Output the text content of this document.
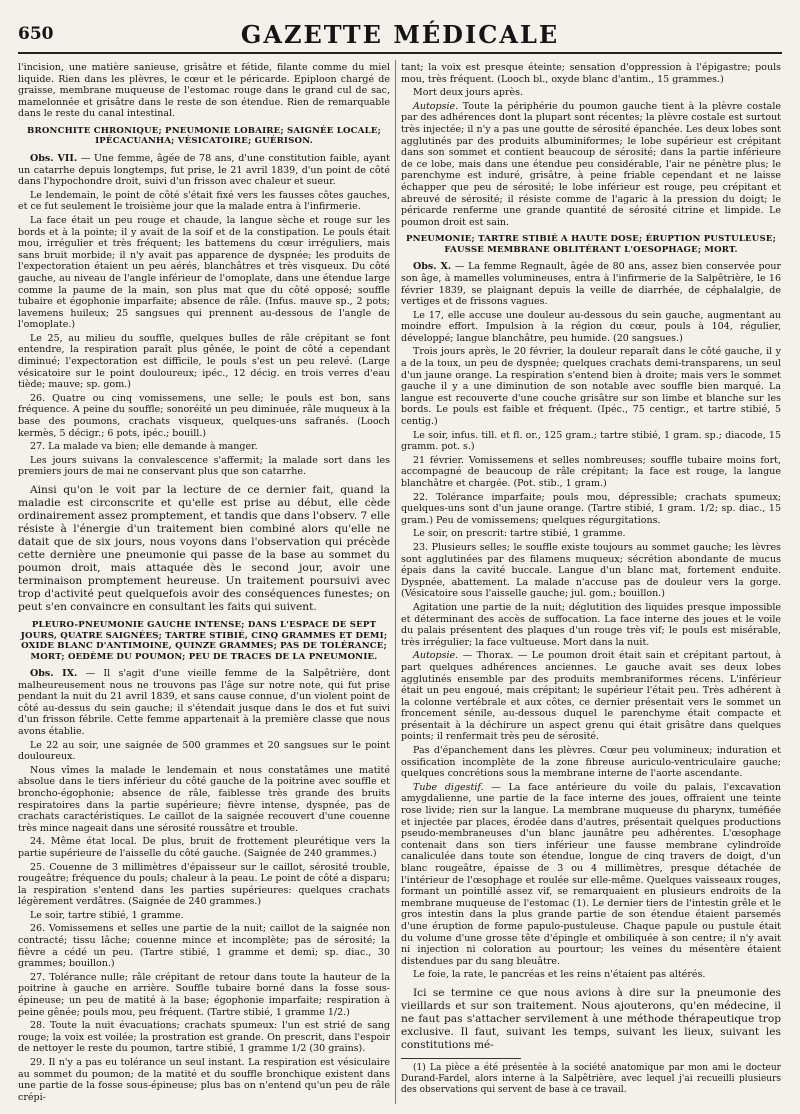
650	GAZETTE MÉDICALE

l'incision, une matière sanieuse, grisâtre et fétide, filante comme du miel liquide. Rien dans les plèvres, le cœur et le péricarde. Epiploon chargé de graisse, membrane muqueuse de l'estomac rouge dans le grand cul de sac, mamelonnée et grisâtre dans le reste de son étendue. Rien de remarquable dans le reste du canal intestinal.

BRONCHITE CHRONIQUE; PNEUMONIE LOBAIRE; SAIGNÉE LOCALE; IPÉCACUANHA; VÉSICATOIRE; GUÉRISON.

Obs. VII. — Une femme, âgée de 78 ans, d'une constitution faible, ayant un catarrhe depuis longtemps, fut prise, le 21 avril 1839, d'un point de côté dans l'hypochondre droit, suivi d'un frisson avec chaleur et sueur.

Le lendemain, le point de côté s'était fixé vers les fausses côtes gauches, et ce fut seulement le troisième jour que la malade entra à l'infirmerie.

La face était un peu rouge et chaude, la langue sèche et rouge sur les bords et à la pointe; il y avait de la soif et de la constipation. Le pouls était mou, irrégulier et très fréquent; les battemens du cœur irréguliers, mais sans bruit morbide; il n'y avait pas apparence de dyspnée; les produits de l'expectoration étaient un peu aérés, blanchâtres et très visqueux. Du côté gauche, au niveau de l'angle inférieur de l'omoplate, dans une étendue large comme la paume de la main, son plus mat que du côté opposé; souffle tubaire et égophonie imparfaite; absence de râle. (Infus. mauve sp., 2 pots; lavemens huileux; 25 sangsues qui prennent au-dessous de l'angle de l'omoplate.)

Le 25, au milieu du souffle, quelques bulles de râle crépitant se font entendre, la respiration paraît plus gênée, le point de côté a cependant diminué; l'expectoration est difficile, le pouls s'est un peu relevé. (Large vésicatoire sur le point douloureux; ipéc., 12 décig. en trois verres d'eau tiède; mauve; sp. gom.)

26. Quatre ou cinq vomissemens, une selle; le pouls est bon, sans fréquence. A peine du souffle; sonoréité un peu diminuée, râle muqueux à la base des poumons, crachats visqueux, quelques-uns safranés. (Looch kermès, 5 décigr.; 6 pots, ipéc.; bouill.)

27. La malade va bien; elle demande à manger.

Les jours suivans la convalescence s'affermit; la malade sort dans les premiers jours de mai ne conservant plus que son catarrhe.

Ainsi qu'on le voit par la lecture de ce dernier fait, quand la maladie est circonscrite et qu'elle est prise au début, elle cède ordinairement assez promptement, et tandis que dans l'observ. 7 elle résiste à l'énergie d'un traitement bien combiné alors qu'elle ne datait que de six jours, nous voyons dans l'observation qui précède cette dernière une pneumonie qui passe de la base au sommet du poumon droit, mais attaquée dès le second jour, avoir une terminaison promptement heureuse. Un traitement poursuivi avec trop d'activité peut quelquefois avoir des conséquences funestes; on peut s'en convaincre en consultant les faits qui suivent.

PLEURO-PNEUMONIE GAUCHE INTENSE; DANS L'ESPACE DE SEPT JOURS, QUATRE SAIGNÉES; TARTRE STIBIÉ, CINQ GRAMMES ET DEMI; OXIDE BLANC D'ANTIMOINE, QUINZE GRAMMES; PAS DE TOLÉRANCE; MORT; OEDÈME DU POUMON; PEU DE TRACES DE LA PNEUMONIE.

Obs. IX. — Il s'agit d'une vieille femme de la Salpêtrière, dont malheureusement nous ne trouvons pas l'âge sur notre note, qui fut prise pendant la nuit du 21 avril 1839, et sans cause connue, d'un violent point de côté au-dessus du sein gauche; il s'étendait jusque dans le dos et fut suivi d'un frisson fébrile. Cette femme appartenait à la première classe que nous avons établie.

Le 22 au soir, une saignée de 500 grammes et 20 sangsues sur le point douloureux.

Nous vîmes la malade le lendemain et nous constatâmes une matité absolue dans le tiers inférieur du côté gauche de la poitrine avec souffle et broncho-égophonie; absence de râle, faiblesse très grande des bruits respiratoires dans la partie supérieure; fièvre intense, dyspnée, pas de crachats caractéristiques. Le caillot de la saignée recouvert d'une couenne très mince nageait dans une sérosité roussâtre et trouble.

24. Même état local. De plus, bruit de frottement pleurétique vers la partie supérieure de l'aisselle du côté gauche. (Saignée de 240 grammes.)

25. Couenne de 3 millimètres d'épaisseur sur le caillot, sérosité trouble, rougeâtre; fréquence du pouls; chaleur à la peau. Le point de côté a disparu; la respiration s'entend dans les parties supérieures: quelques crachats légèrement verdâtres. (Saignée de 240 grammes.)

Le soir, tartre stibié, 1 gramme.

26. Vomissemens et selles une partie de la nuit; caillot de la saignée non contracté; tissu lâche; couenne mince et incomplète; pas de sérosité; la fièvre a cédé un peu. (Tartre stibié, 1 gramme et demi; sp. diac., 30 grammes; bouillon.)

27. Tolérance nulle; râle crépitant de retour dans toute la hauteur de la poitrine à gauche en arrière. Souffle tubaire borné dans la fosse sous-épineuse; un peu de matité à la base; égophonie imparfaite; respiration à peine gênée; pouls mou, peu fréquent. (Tartre stibié, 1 gramme 1/2.)

28. Toute la nuit évacuations; crachats spumeux: l'un est strié de sang rouge; la voix est voilée; la prostration est grande. On prescrit, dans l'espoir de nettoyer le reste du poumon, tartre stibié, 1 gramme 1/2 (30 grains).

29. Il n'y a pas eu tolérance un seul instant. La respiration est vésiculaire au sommet du poumon; de la matité et du souffle bronchique existent dans une partie de la fosse sous-épineuse; plus bas on n'entend qu'un peu de râle crépi-

tant; la voix est presque éteinte; sensation d'oppression à l'épigastre; pouls mou, très fréquent. (Looch bl., oxyde blanc d'antim., 15 grammes.)

Mort deux jours après.

Autopsie. Toute la périphérie du poumon gauche tient à la plèvre costale par des adhérences dont la plupart sont récentes; la plèvre costale est surtout très injectée; il n'y a pas une goutte de sérosité épanchée. Les deux lobes sont agglutinés par des produits albuminiformes; le lobe supérieur est crépitant dans son sommet et contient beaucoup de sérosité; dans la partie inférieure de ce lobe, mais dans une étendue peu considérable, l'air ne pénètre plus; le parenchyme est induré, grisâtre, à peine friable cependant et ne laisse échapper que peu de sérosité; le lobe inférieur est rouge, peu crépitant et abreuvé de sérosité; il résiste comme de l'agaric à la pression du doigt; le péricarde renferme une grande quantité de sérosité citrine et limpide. Le poumon droit est sain.

PNEUMONIE; TARTRE STIBIÉ A HAUTE DOSE; ÉRUPTION PUSTULEUSE; FAUSSE MEMBRANE OBLITÉRANT L'OESOPHAGE; MORT.

Obs. X. — La femme Regnault, âgée de 80 ans, assez bien conservée pour son âge, à mamelles volumineuses, entra à l'infirmerie de la Salpêtrière, le 16 février 1839, se plaignant depuis la veille de diarrhée, de céphalalgie, de vertiges et de frissons vagues.

Le 17, elle accuse une douleur au-dessous du sein gauche, augmentant au moindre effort. Impulsion à la région du cœur, pouls à 104, régulier, développé; langue blanchâtre, peu humide. (20 sangsues.)

Trois jours après, le 20 février, la douleur reparaît dans le côté gauche, il y a de la toux, un peu de dyspnée; quelques crachats demi-transparens, un seul d'un jaune orange. La respiration s'entend bien à droite; mais vers le sommet gauche il y a une diminution de son notable avec souffle bien marqué. La langue est recouverte d'une couche grisâtre sur son limbe et blanche sur les bords. Le pouls est faible et fréquent. (Ipéc., 75 centigr., et tartre stibié, 5 centig.)

Le soir, infus. till. et fl. or., 125 gram.; tartre stibié, 1 gram. sp.; diacode, 15 gramm. pot. s.)

21 février. Vomissemens et selles nombreuses; souffle tubaire moins fort, accompagné de beaucoup de râle crépitant; la face est rouge, la langue blanchâtre et chargée. (Pot. stib., 1 gram.)

22. Tolérance imparfaite; pouls mou, dépressible; crachats spumeux; quelques-uns sont d'un jaune orange. (Tartre stibié, 1 gram. 1/2; sp. diac., 15 gram.) Peu de vomissemens; quelques régurgitations.

Le soir, on prescrit: tartre stibié, 1 gramme.

23. Plusieurs selles; le souffle existe toujours au sommet gauche; les lèvres sont agglutinées par des filamens muqueux; sécrétion abondante de mucus épais dans la cavité buccale. Langue d'un blanc mat, fortement enduite. Dyspnée, abattement. La malade n'accuse pas de douleur vers la gorge. (Vésicatoire sous l'aisselle gauche; jul. gom.; bouillon.)

Agitation une partie de la nuit; déglutition des liquides presque impossible et déterminant des accès de suffocation. La face interne des joues et le voile du palais présentent des plaques d'un rouge très vif; le pouls est misérable, très irrégulier; la face vultueuse. Mort dans la nuit.

Autopsie. — Thorax. — Le poumon droit était sain et crépitant partout, à part quelques adhérences anciennes. Le gauche avait ses deux lobes agglutinés ensemble par des produits membraniformes récens. L'inférieur était un peu engoué, mais crépitant; le supérieur l'était peu. Très adhérent à la colonne vertébrale et aux côtes, ce dernier présentait vers le sommet un froncement sénile, au-dessous duquel le parenchyme était compacte et présentait à la déchirure un aspect grenu qui était grisâtre dans quelques points; il renfermait très peu de sérosité.

Pas d'épanchement dans les plèvres. Cœur peu volumineux; induration et ossification incomplète de la zone fibreuse auriculo-ventriculaire gauche; quelques concrétions sous la membrane interne de l'aorte ascendante.

Tube digestif. — La face antérieure du voile du palais, l'excavation amygdalienne, une partie de la face interne des joues, offraient une teinte rose livide; rien sur la langue. La membrane muqueuse du pharynx, tuméfiée et injectée par places, érodée dans d'autres, présentait quelques productions pseudo-membraneuses d'un blanc jaunâtre peu adhérentes. L'œsophage contenait dans son tiers inférieur une fausse membrane cylindroïde canaliculée dans toute son étendue, longue de cinq travers de doigt, d'un blanc rougeâtre, épaisse de 3 ou 4 millimètres, presque détachée de l'intérieur de l'œsophage et roulée sur elle-même. Quelques vaisseaux rouges, formant un pointillé assez vif, se remarquaient en plusieurs endroits de la membrane muqueuse de l'estomac (1). Le dernier tiers de l'intestin grêle et le gros intestin dans la plus grande partie de son étendue étaient parsemés d'une éruption de forme papulo-pustuleuse. Chaque papule ou pustule était du volume d'une grosse tête d'épingle et ombiliquée à son centre; il n'y avait ni injection ni coloration au pourtour; les veines du mésentère étaient distendues par du sang bleuâtre.

Le foie, la rate, le pancréas et les reins n'étaient pas altérés.

Ici se termine ce que nous avions à dire sur la pneumonie des vieillards et sur son traitement. Nous ajouterons, qu'en médecine, il ne faut pas s'attacher servilement à une méthode thérapeutique trop exclusive. Il faut, suivant les temps, suivant les lieux, suivant les constitutions mé-

(1) La pièce a été présentée à la société anatomique par mon ami le docteur Durand-Fardel, alors interne à la Salpêtrière, avec lequel j'ai recueilli plusieurs des observations qui servent de base à ce travail.
